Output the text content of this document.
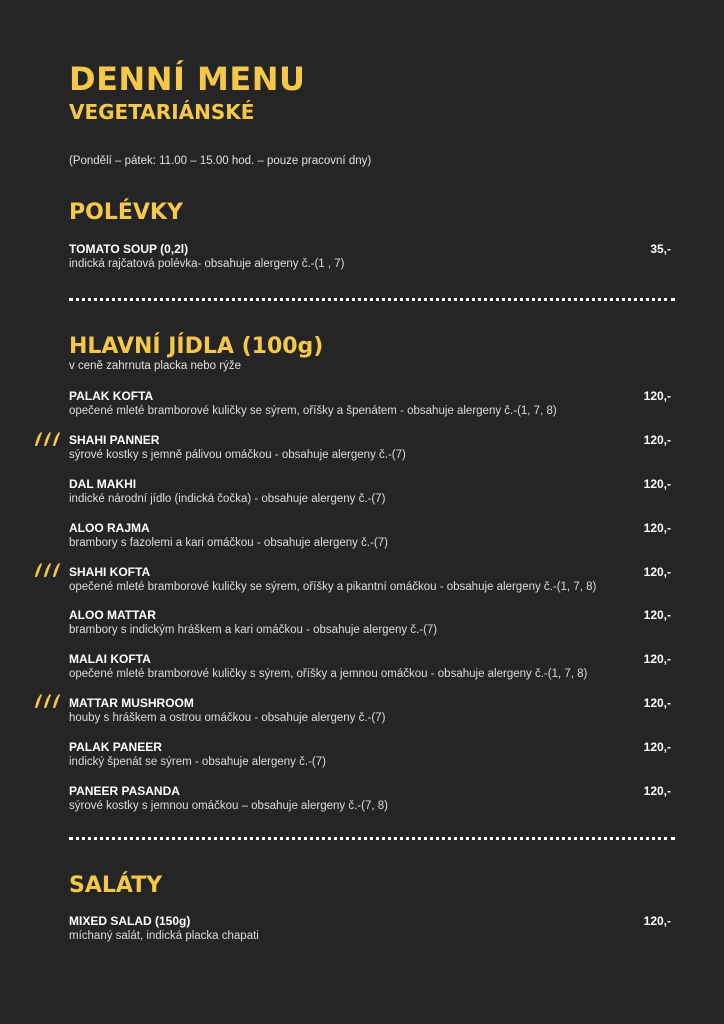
DENNÍ MENU
VEGETARIÁNSKÉ
(Pondělí – pátek: 11.00 – 15.00 hod. – pouze pracovní dny)
POLÉVKY
TOMATO SOUP (0,2l)
indická rajčatová polévka- obsahuje alergeny č.-(1 , 7)
35,-
HLAVNÍ JÍDLA (100g)
v ceně zahrnuta placka nebo rýže
PALAK KOFTA
opečené mleté bramborové kuličky se sýrem, oříšky a špenátem - obsahuje alergeny č.-(1, 7, 8)
120,-
SHAHI PANNER
sýrové kostky s jemně pálivou omáčkou - obsahuje alergeny č.-(7)
120,-
DAL MAKHI
indické národní jídlo (indická čočka) - obsahuje alergeny č.-(7)
120,-
ALOO RAJMA
brambory s fazolemi a kari omáčkou - obsahuje alergeny č.-(7)
120,-
SHAHI KOFTA
opečené mleté bramborové kuličky se sýrem, oříšky a pikantní omáčkou - obsahuje alergeny č.-(1, 7, 8)
120,-
ALOO MATTAR
brambory s indickým hráškem a kari omáčkou - obsahuje alergeny č.-(7)
120,-
MALAI KOFTA
opečené mleté bramborové kuličky s sýrem, oříšky a jemnou omáčkou - obsahuje alergeny č.-(1, 7, 8)
120,-
MATTAR MUSHROOM
houby s hráškem a ostrou omáčkou - obsahuje alergeny č.-(7)
120,-
PALAK PANEER
indický špenát se sýrem - obsahuje alergeny č.-(7)
120,-
PANEER PASANDA
sýrové kostky s jemnou omáčkou – obsahuje alergeny č.-(7, 8)
120,-
SALÁTY
MIXED SALAD (150g)
míchaný salát, indická placka chapati
120,-
